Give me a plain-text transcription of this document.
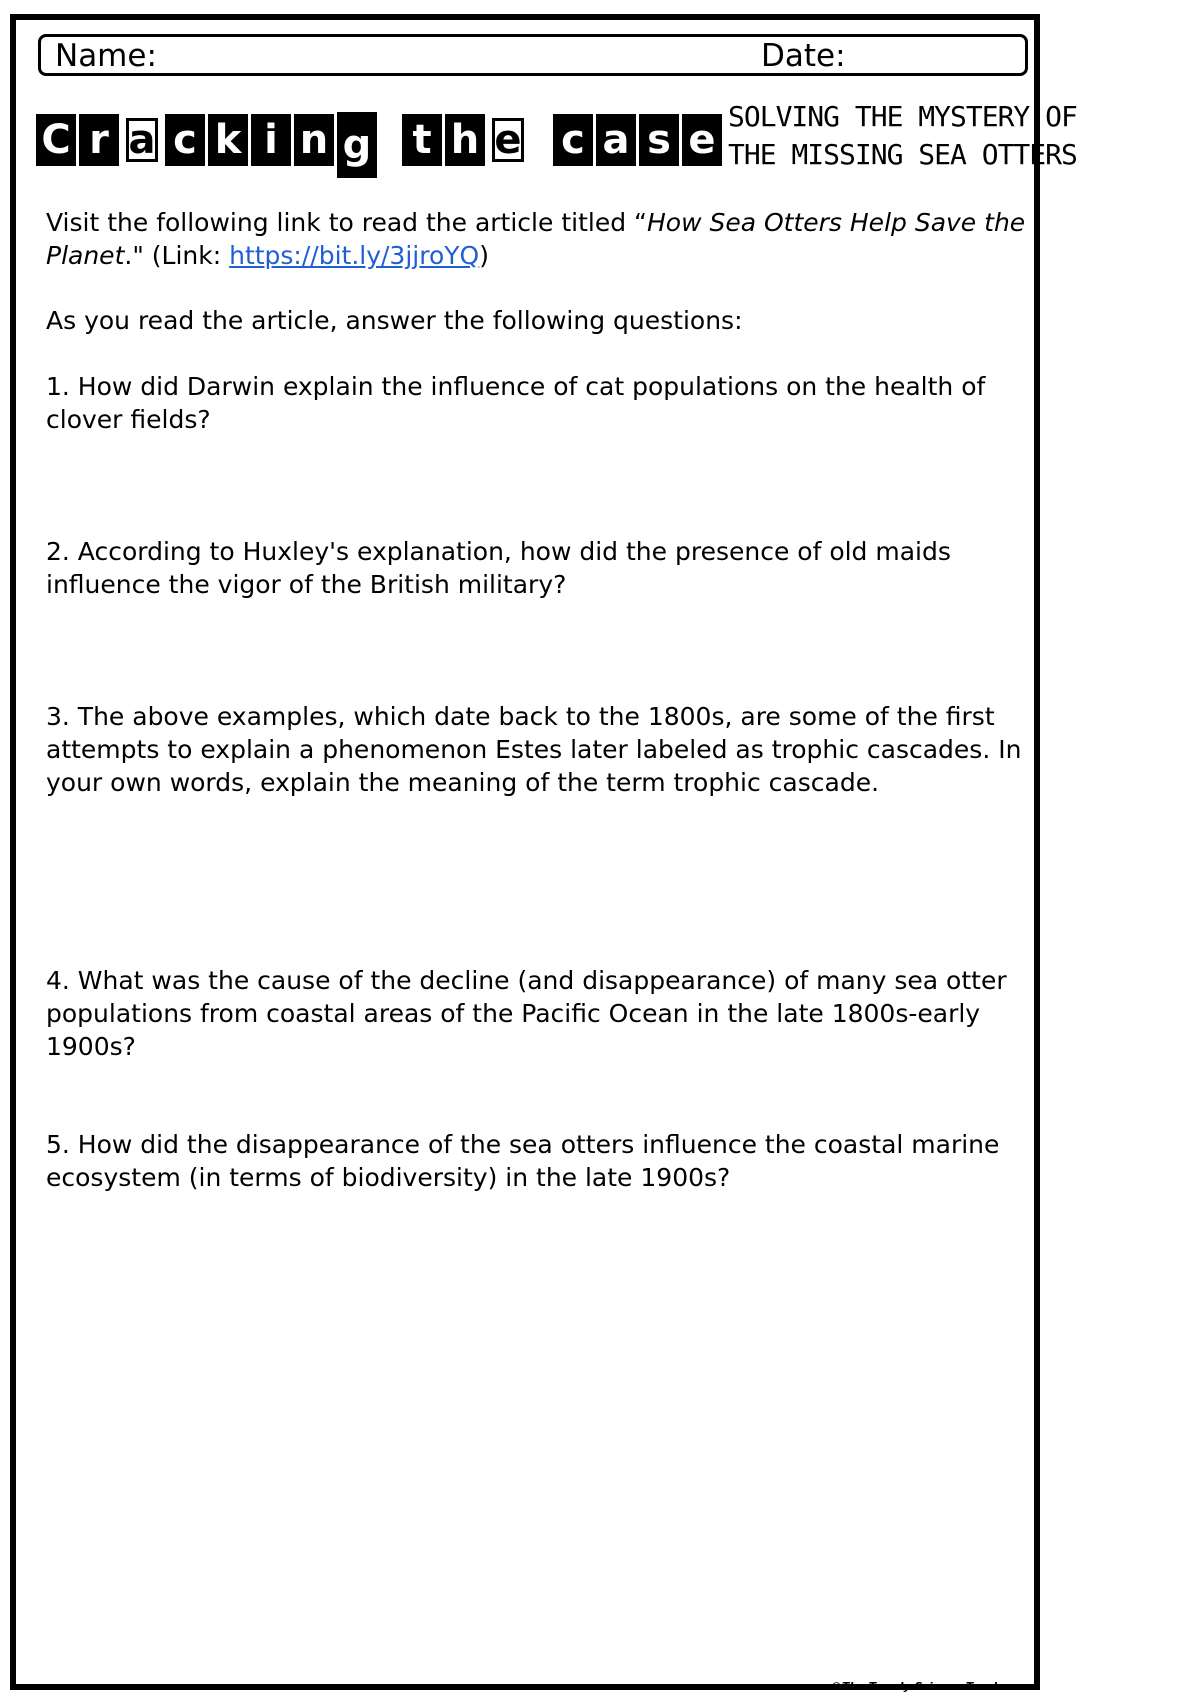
Name:	Date:
C r a c k i n g t h e c a s e
SOLVING THE MYSTERY OF
THE MISSING SEA OTTERS
Visit the following link to read the article titled “How Sea Otters Help Save the Planet." (Link: https://bit.ly/3jjroYQ)
As you read the article, answer the following questions:
1. How did Darwin explain the influence of cat populations on the health of clover fields?
2. According to Huxley's explanation, how did the presence of old maids influence the vigor of the British military?
3. The above examples, which date back to the 1800s, are some of the first attempts to explain a phenomenon Estes later labeled as trophic cascades. In your own words, explain the meaning of the term trophic cascade.
4. What was the cause of the decline (and disappearance) of many sea otter populations from coastal areas of the Pacific Ocean in the late 1800s-early 1900s?
5. How did the disappearance of the sea otters influence the coastal marine ecosystem (in terms of biodiversity) in the late 1900s?
©The Trendy Science Teacher
